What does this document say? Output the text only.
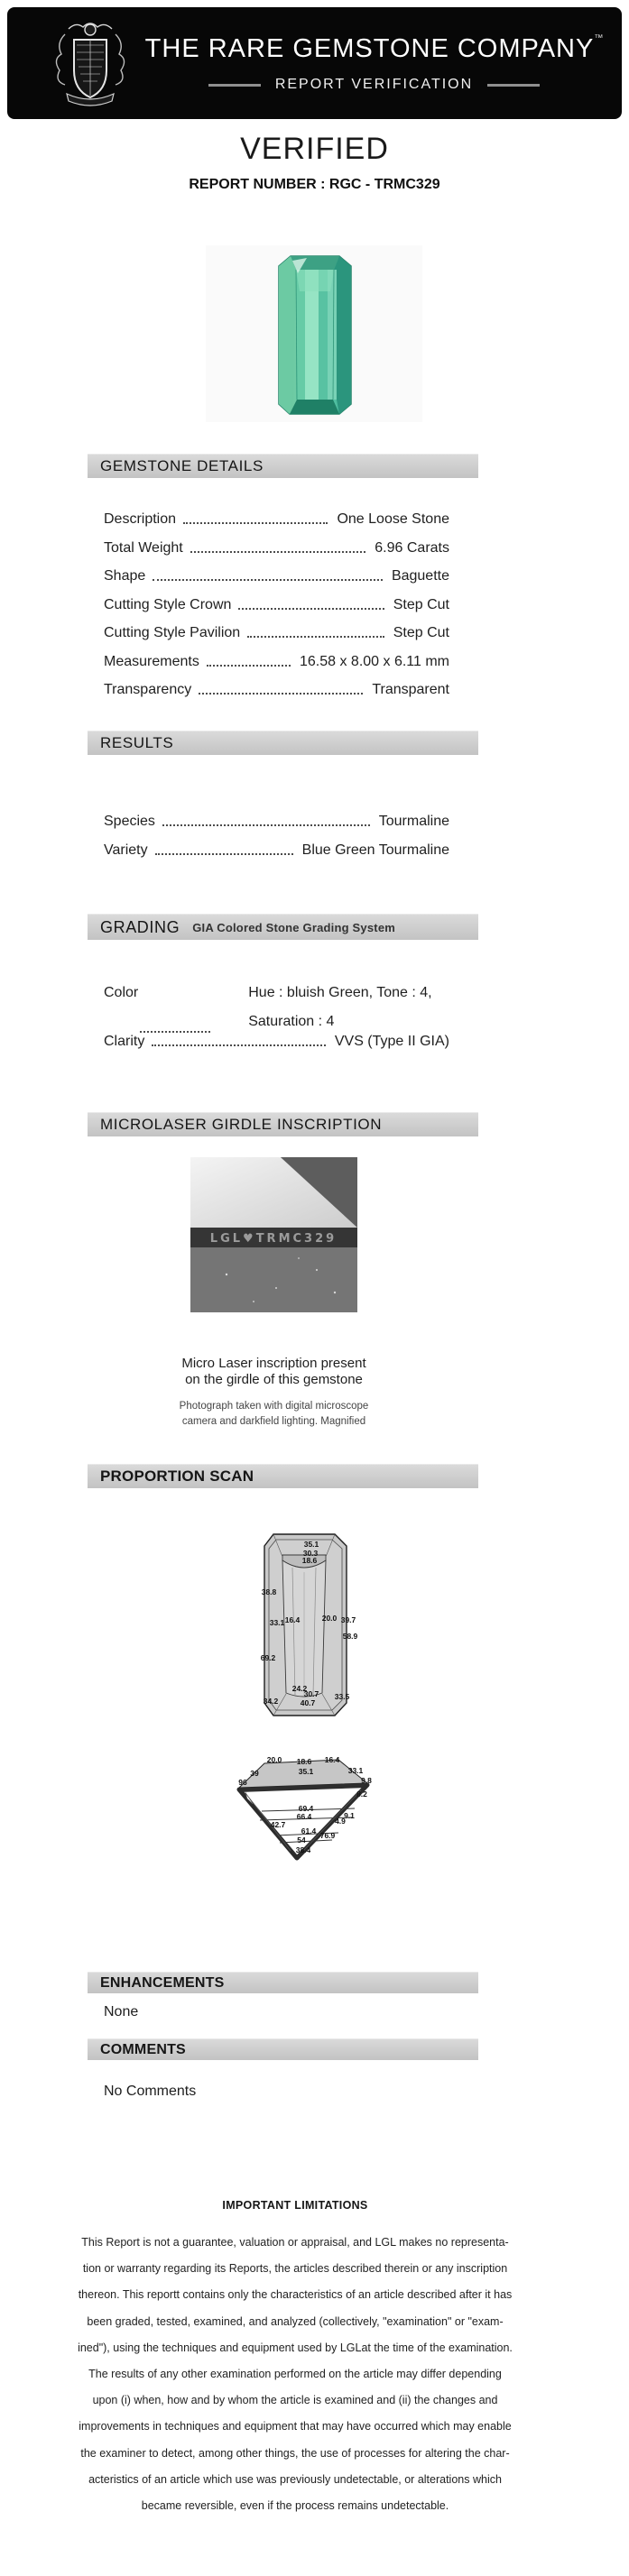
THE RARE GEMSTONE COMPANY™
REPORT VERIFICATION
VERIFIED
REPORT NUMBER : RGC - TRMC329
GEMSTONE DETAILS
Description	One Loose Stone
Total Weight	6.96 Carats
Shape	Baguette
Cutting Style Crown	Step Cut
Cutting Style Pavilion	Step Cut
Measurements	16.58 x 8.00 x 6.11 mm
Transparency	Transparent
RESULTS
Species	Tourmaline
Variety	Blue Green Tourmaline
GRADING GIA Colored Stone Grading System
Color	Hue : bluish Green, Tone : 4,
Saturation : 4
Clarity	VVS (Type II GIA)
MICROLASER GIRDLE INSCRIPTION
LGL♥TRMC329
Micro Laser inscription present
on the girdle of this gemstone
Photograph taken with digital microscope
camera and darkfield lighting. Magnified
PROPORTION SCAN
35.1
30.3
18.6
38.8
33.1 16.4	20.0 39.7
58.9
69.2
24.2
30.7
40.7
34.2	33.5
20.0 18.6 16.4
35.1
39
96
33.1
9.8
8.2
69.4
66.4	9.1
42.7	4.9
61.4 76.9
54
38.4
ENHANCEMENTS
None
COMMENTS
No Comments
IMPORTANT LIMITATIONS
This Report is not a guarantee, valuation or appraisal, and LGL makes no representa-
tion or warranty regarding its Reports, the articles described therein or any inscription
thereon. This reportt contains only the characteristics of an article described after it has
been graded, tested, examined, and analyzed (collectively, "examination" or "exam-
ined"), using the techniques and equipment used by LGLat the time of the examination.
The results of any other examination performed on the article may differ depending
upon (i) when, how and by whom the article is examined and (ii) the changes and
improvements in techniques and equipment that may have occurred which may enable
the examiner to detect, among other things, the use of processes for altering the char-
acteristics of an article which use was previously undetectable, or alterations which
became reversible, even if the process remains undetectable.
